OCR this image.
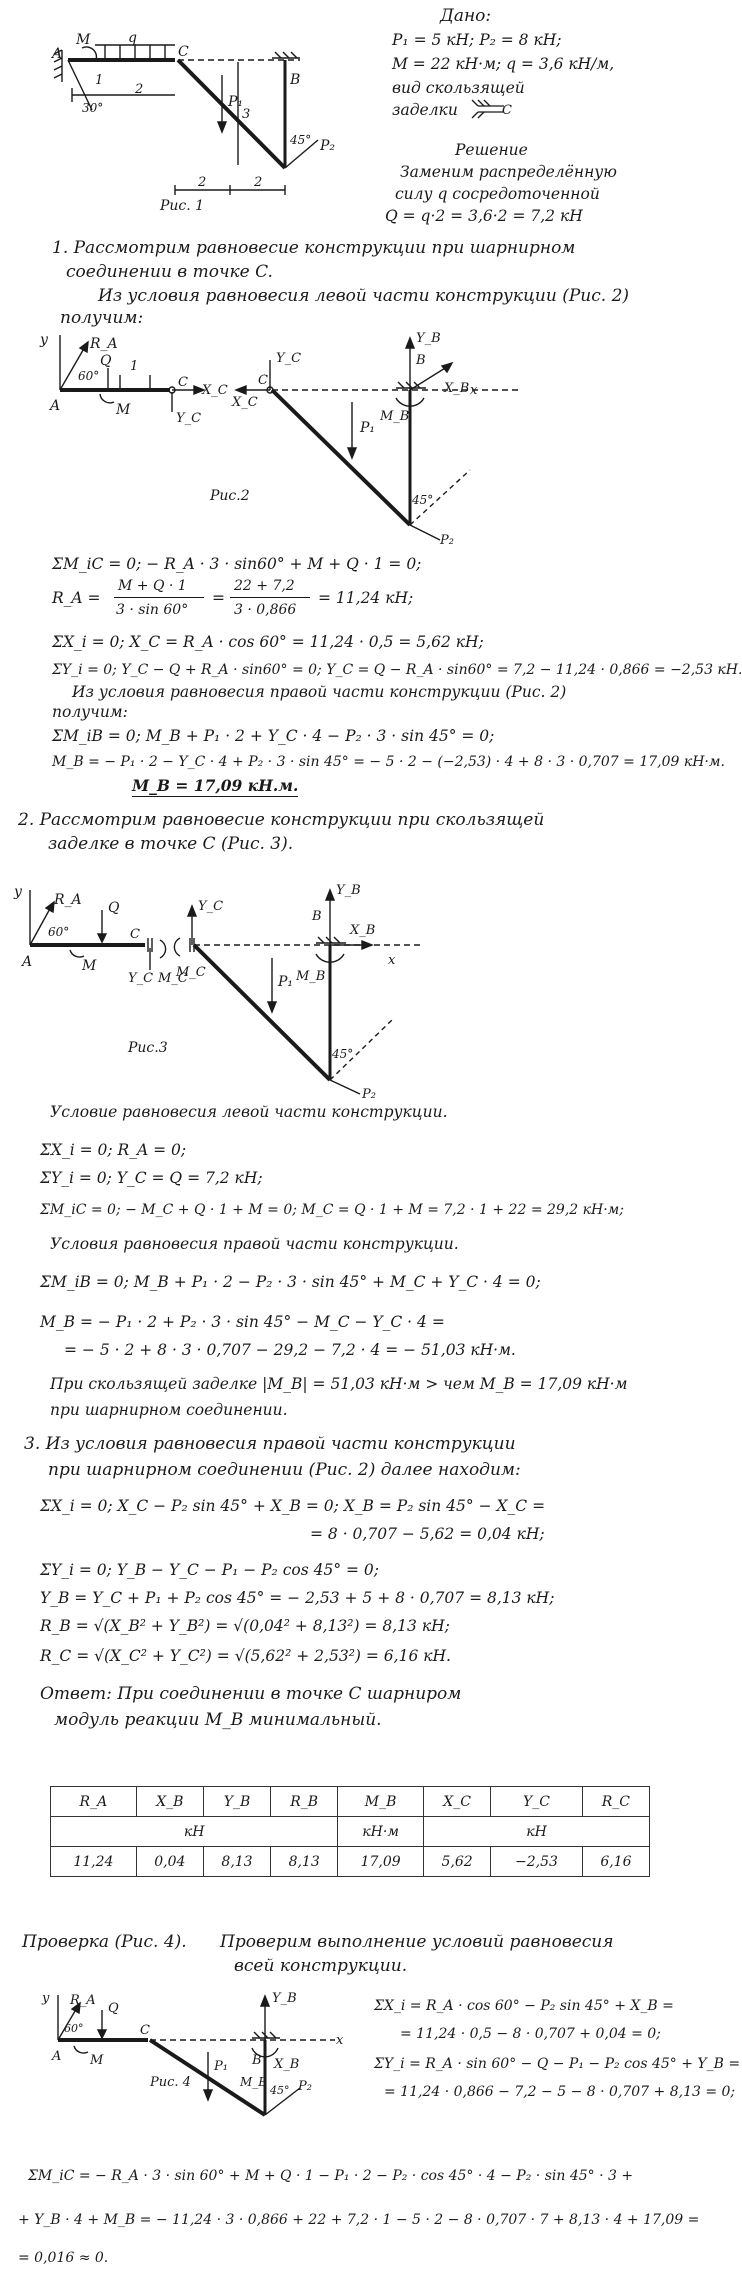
A
M	q
C
B
P₁
P₂
45°
30°
1
2
2	2
3
Рис. 1
Дано:
P₁ = 5 кН; P₂ = 8 кН;
M = 22 кН·м; q = 3,6 кН/м,
вид скользящей
заделки	C
Решение
Заменим распределённую
силу q сосредоточенной
Q = q·2 = 3,6·2 = 7,2 кН
1. Рассмотрим равновесие конструкции при шарнирном
соединении в точке C.
Из условия равновесия левой части конструкции (Рис. 2)
получим:
y	R_A
60°
Q
A	M
1
C
X_C
Y_C
X_C
Y_C
C
P₁
Y_B
B
X_B
M_B
x
45°
P₂
Рис.2
ΣM_iC = 0; − R_A · 3 · sin60° + M + Q · 1 = 0;
R_A =
M + Q · 1
3 · sin 60°
=
22 + 7,2
3 · 0,866
= 11,24 кН;
ΣX_i = 0; X_C = R_A · cos 60° = 11,24 · 0,5 = 5,62 кН;
ΣY_i = 0; Y_C − Q + R_A · sin60° = 0; Y_C = Q − R_A · sin60° = 7,2 − 11,24 · 0,866 = −2,53 кН.
Из условия равновесия правой части конструкции (Рис. 2)
получим:
ΣM_iB = 0; M_B + P₁ · 2 + Y_C · 4 − P₂ · 3 · sin 45° = 0;
M_B = − P₁ · 2 − Y_C · 4 + P₂ · 3 · sin 45° = − 5 · 2 − (−2,53) · 4 + 8 · 3 · 0,707 = 17,09 кН·м.
M_B = 17,09 кН.м.
2. Рассмотрим равновесие конструкции при скользящей
заделке в точке C (Рис. 3).
y R_A
60°
Q
A	M
C
Y_C M_C
M_C
Y_C
P₁
Y_B
B
X_B
x
M_B
45°
P₂
Рис.3
Условие равновесия левой части конструкции.
ΣX_i = 0; R_A = 0;
ΣY_i = 0; Y_C = Q = 7,2 кН;
ΣM_iC = 0; − M_C + Q · 1 + M = 0; M_C = Q · 1 + M = 7,2 · 1 + 22 = 29,2 кН·м;
Условия равновесия правой части конструкции.
ΣM_iB = 0; M_B + P₁ · 2 − P₂ · 3 · sin 45° + M_C + Y_C · 4 = 0;
M_B = − P₁ · 2 + P₂ · 3 · sin 45° − M_C − Y_C · 4 =
= − 5 · 2 + 8 · 3 · 0,707 − 29,2 − 7,2 · 4 = − 51,03 кН·м.
При скользящей заделке |M_B| = 51,03 кН·м > чем M_B = 17,09 кН·м
при шарнирном соединении.
3. Из условия равновесия правой части конструкции
при шарнирном соединении (Рис. 2) далее находим:
ΣX_i = 0; X_C − P₂ sin 45° + X_B = 0; X_B = P₂ sin 45° − X_C =
= 8 · 0,707 − 5,62 = 0,04 кН;
ΣY_i = 0; Y_B − Y_C − P₁ − P₂ cos 45° = 0;
Y_B = Y_C + P₁ + P₂ cos 45° = − 2,53 + 5 + 8 · 0,707 = 8,13 кН;
R_B = √(X_B² + Y_B²) = √(0,04² + 8,13²) = 8,13 кН;
R_C = √(X_C² + Y_C²) = √(5,62² + 2,53²) = 6,16 кН.
Ответ: При соединении в точке C шарниром
модуль реакции M_B минимальный.
R_A	X_B	Y_B	R_B	M_B	X_C	Y_C	R_C
кН				кН·м	кН		
11,24	0,04	8,13	8,13	17,09	5,62	−2,53	6,16
Проверка (Рис. 4). Проверим выполнение условий равновесия
всей конструкции.
y R_A
60°
Q
A M
C
P₁
Y_B
B X_B
M_B
x
45° P₂
Рис. 4
ΣX_i = R_A · cos 60° − P₂ sin 45° + X_B =
= 11,24 · 0,5 − 8 · 0,707 + 0,04 = 0;
ΣY_i = R_A · sin 60° − Q − P₁ − P₂ cos 45° + Y_B =
= 11,24 · 0,866 − 7,2 − 5 − 8 · 0,707 + 8,13 = 0;
ΣM_iC = − R_A · 3 · sin 60° + M + Q · 1 − P₁ · 2 − P₂ · cos 45° · 4 − P₂ · sin 45° · 3 +
+ Y_B · 4 + M_B = − 11,24 · 3 · 0,866 + 22 + 7,2 · 1 − 5 · 2 − 8 · 0,707 · 7 + 8,13 · 4 + 17,09 =
= 0,016 ≈ 0.
